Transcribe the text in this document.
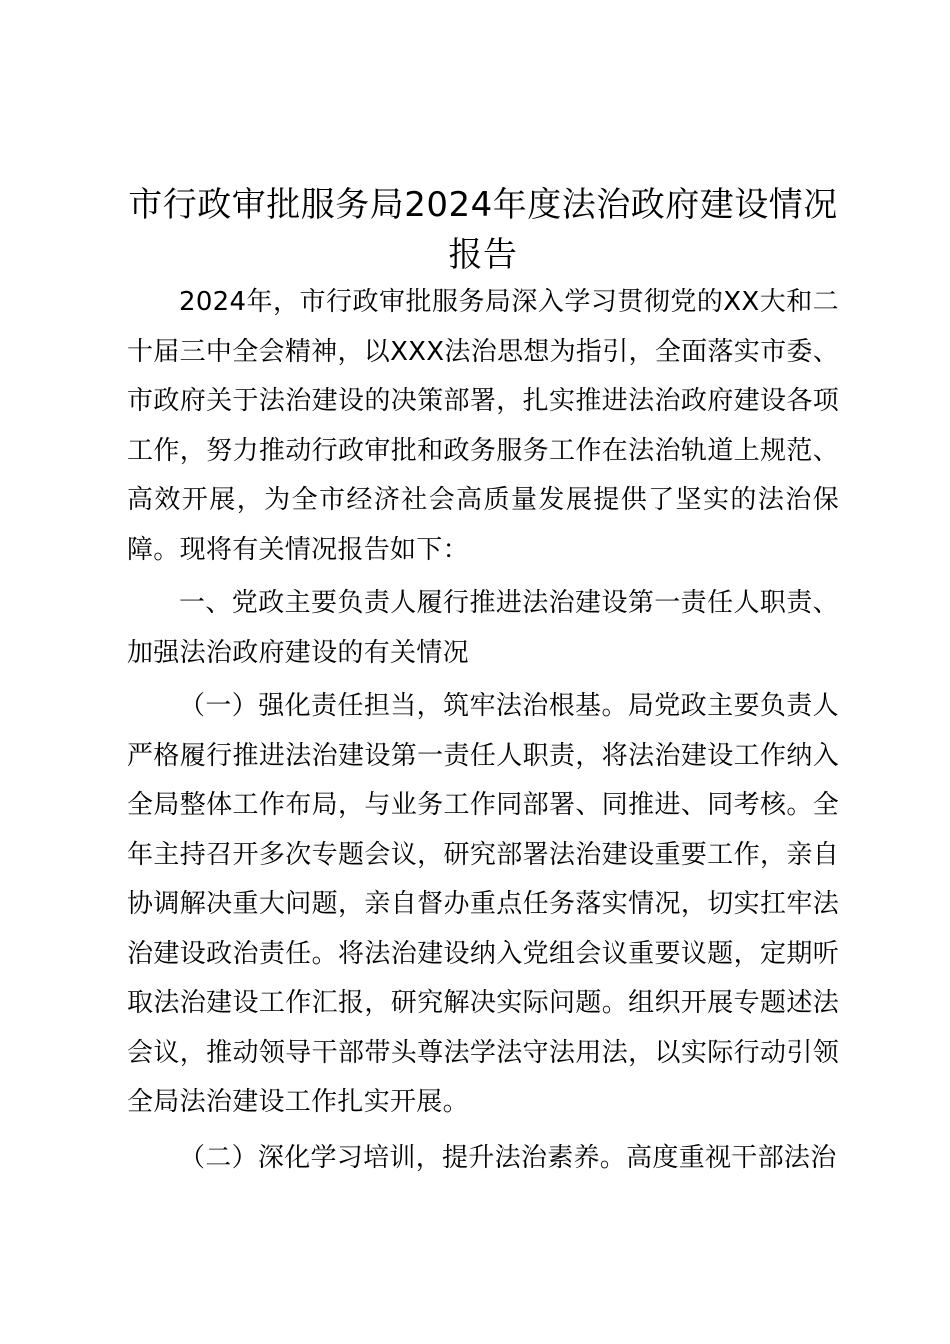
市行政审批服务局2024年度法治政府建设情况报告

2024年，市行政审批服务局深入学习贯彻党的XX大和二十届三中全会精神，以XXX法治思想为指引，全面落实市委、市政府关于法治建设的决策部署，扎实推进法治政府建设各项工作，努力推动行政审批和政务服务工作在法治轨道上规范、高效开展，为全市经济社会高质量发展提供了坚实的法治保障。现将有关情况报告如下：

一、党政主要负责人履行推进法治建设第一责任人职责、加强法治政府建设的有关情况

（一）强化责任担当，筑牢法治根基。局党政主要负责人严格履行推进法治建设第一责任人职责，将法治建设工作纳入全局整体工作布局，与业务工作同部署、同推进、同考核。全年主持召开多次专题会议，研究部署法治建设重要工作，亲自协调解决重大问题，亲自督办重点任务落实情况，切实扛牢法治建设政治责任。将法治建设纳入党组会议重要议题，定期听取法治建设工作汇报，研究解决实际问题。组织开展专题述法会议，推动领导干部带头尊法学法守法用法，以实际行动引领全局法治建设工作扎实开展。

（二）深化学习培训，提升法治素养。高度重视干部法治
